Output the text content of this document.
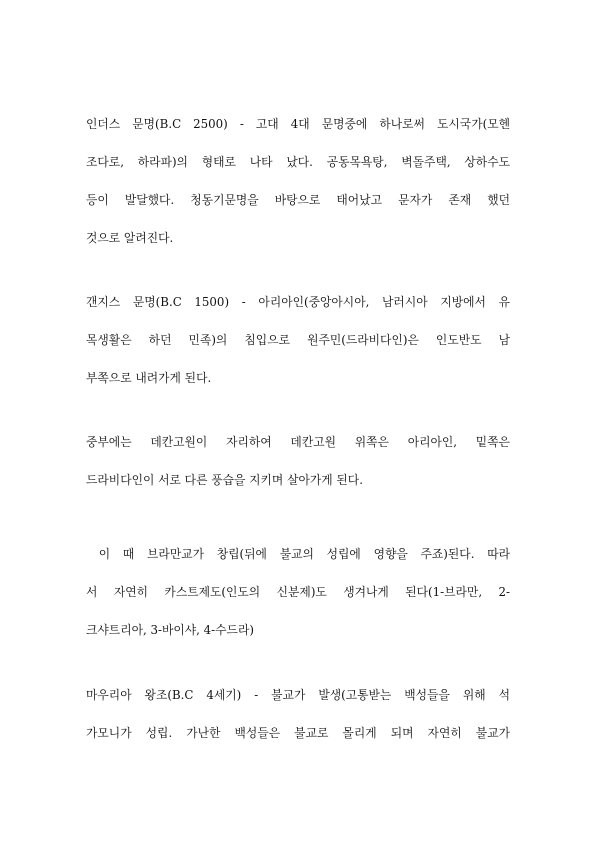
인더스 문명(B.C 2500) - 고대 4대 문명중에 하나로써 도시국가(모헨
조다로, 하라파)의 형태로 나타 났다. 공동목욕탕, 벽돌주택, 상하수도
등이 발달했다. 청동기문명을 바탕으로 태어났고 문자가 존재 했던
것으로 알려진다.
갠지스 문명(B.C 1500) - 아리아인(중앙아시아, 남러시아 지방에서 유
목생활은 하던 민족)의 침입으로 원주민(드라비다인)은 인도반도 남
부쪽으로 내려가게 된다.
중부에는 데칸고원이 자리하여 데칸고원 위쪽은 아리아인, 밑쪽은
드라비다인이 서로 다른 풍습을 지키며 살아가게 된다.
이 때 브라만교가 창립(뒤에 불교의 성립에 영향을 주죠)된다. 따라
서 자연히 카스트제도(인도의 신분제)도 생겨나게 된다(1-브라만, 2-
크샤트리아, 3-바이샤, 4-수드라)
마우리아 왕조(B.C 4세기) - 불교가 발생(고통받는 백성들을 위해 석
가모니가 성립. 가난한 백성들은 불교로 몰리게 되며 자연히 불교가
